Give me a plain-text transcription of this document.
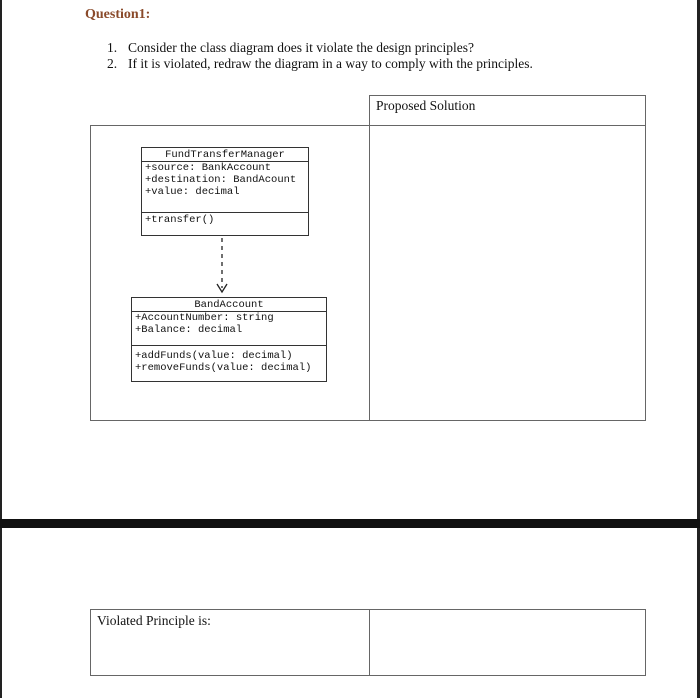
Question1:
1. Consider the class diagram does it violate the design principles?
2. If it is violated, redraw the diagram in a way to comply with the principles.
Proposed Solution
FundTransferManager
+source: BankAccount
+destination: BandAcount
+value: decimal
+transfer()
BandAccount
+AccountNumber: string
+Balance: decimal
+addFunds(value: decimal)
+removeFunds(value: decimal)
Violated Principle is:
